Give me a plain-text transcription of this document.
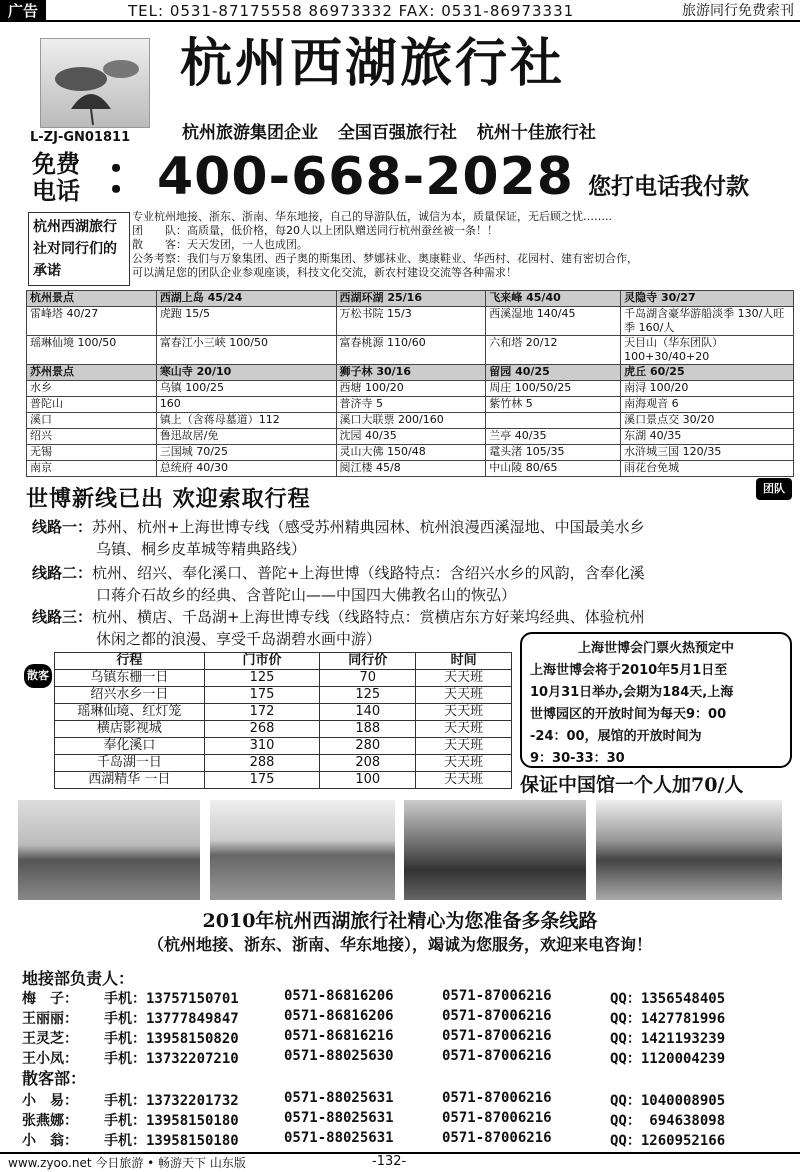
广告	TEL: 0531-87175558 86973332 FAX: 0531-86973331	旅游同行免费索刊
杭州西湖旅行社
L-ZJ-GN01811	杭州旅游集团企业 全国百强旅行社 杭州十佳旅行社
免费电话 ：400-668-2028 您打电话我付款
杭州西湖旅行社对同行们的承诺

专业杭州地接、浙东、浙南、华东地接，自己的导游队伍，诚信为本，质量保证，无后顾之忧……..

团　　队：高质量，低价格，每20人以上团队赠送同行杭州蚕丝被一条！！

散　　客：天天发团，一人也成团。

公务考察：我们与万象集团、西子奥的斯集团、梦娜袜业、奥康鞋业、华西村、花园村、建有密切合作，

可以满足您的团队企业参观座谈，科技文化交流，新农村建设交流等各种需求！

杭州景点	西湖上岛 45/24	西湖环湖 25/16	飞来峰 45/40	灵隐寺 30/27
雷峰塔 40/27	虎跑 15/5	万松书院 15/3	西溪湿地 140/45	千岛湖含豪华游船淡季 130/人旺季 160/人
瑶琳仙境 100/50	富春江小三峡 100/50	富春桃源 110/60	六和塔 20/12	天目山（华东团队） 100+30/40+20
苏州景点	寒山寺 20/10	狮子林 30/16	留园 40/25	虎丘 60/25
水乡	乌镇 100/25	西塘 100/20	周庄 100/50/25	南浔 100/20
普陀山	160	普济寺 5	紫竹林 5	南海观音 6
溪口	镇上（含蒋母墓道）112	溪口大联票 200/160		溪口景点交 30/20
绍兴	鲁迅故居/免	沈园 40/35	兰亭 40/35	东湖 40/35
无锡	三国城 70/25	灵山大佛 150/48	鼋头渚 105/35	水浒城三国 120/35
南京	总统府 40/30	阅江楼 45/8	中山陵 80/65	雨花台免城
世博新线已出 欢迎索取行程	团队
线路一：苏州、杭州+上海世博专线（感受苏州精典园林、杭州浪漫西溪湿地、中国最美水乡
乌镇、桐乡皮革城等精典路线）
线路二：杭州、绍兴、奉化溪口、普陀+上海世博（线路特点：含绍兴水乡的风韵，含奉化溪
口蒋介石故乡的经典、含普陀山——中国四大佛教名山的恢弘）
线路三：杭州、横店、千岛湖+上海世博专线（线路特点：赏横店东方好莱坞经典、体验杭州
休闲之都的浪漫、享受千岛湖碧水画中游）
散客
行程	门市价	同行价	时间
乌镇东栅一日	125	70	天天班
绍兴水乡一日	175	125	天天班
瑶琳仙境、红灯笼	172	140	天天班
横店影视城	268	188	天天班
奉化溪口	310	280	天天班
千岛湖一日	288	208	天天班
西湖精华 一日	175	100	天天班
上海世博会门票火热预定中
上海世博会将于2010年5月1日至
10月31日举办,会期为184天,上海
世博园区的开放时间为每天9：00
-24：00，展馆的开放时间为
9：30-33：30
保证中国馆一个人加70/人
2010年杭州西湖旅行社精心为您准备多条线路
（杭州地接、浙东、浙南、华东地接），竭诚为您服务，欢迎来电咨询！
地接部负责人：
梅　子： 手机：13757150701	0571-86816206	0571-87006216	QQ：1356548405
王丽丽： 手机：13777849847	0571-86816206	0571-87006216	QQ：1427781996
王灵芝： 手机：13958150820	0571-86816216	0571-87006216	QQ：1421193239
王小凤： 手机：13732207210	0571-88025630	0571-87006216	QQ：1120004239
散客部：
小　易： 手机：13732201732	0571-88025631	0571-87006216	QQ：1040008905
张燕娜： 手机：13958150180	0571-88025631	0571-87006216	QQ： 694638098
小　翁： 手机：13958150180	0571-88025631	0571-87006216	QQ：1260952166
www.zyoo.net 今日旅游 • 畅游天下 山东版	-132-
